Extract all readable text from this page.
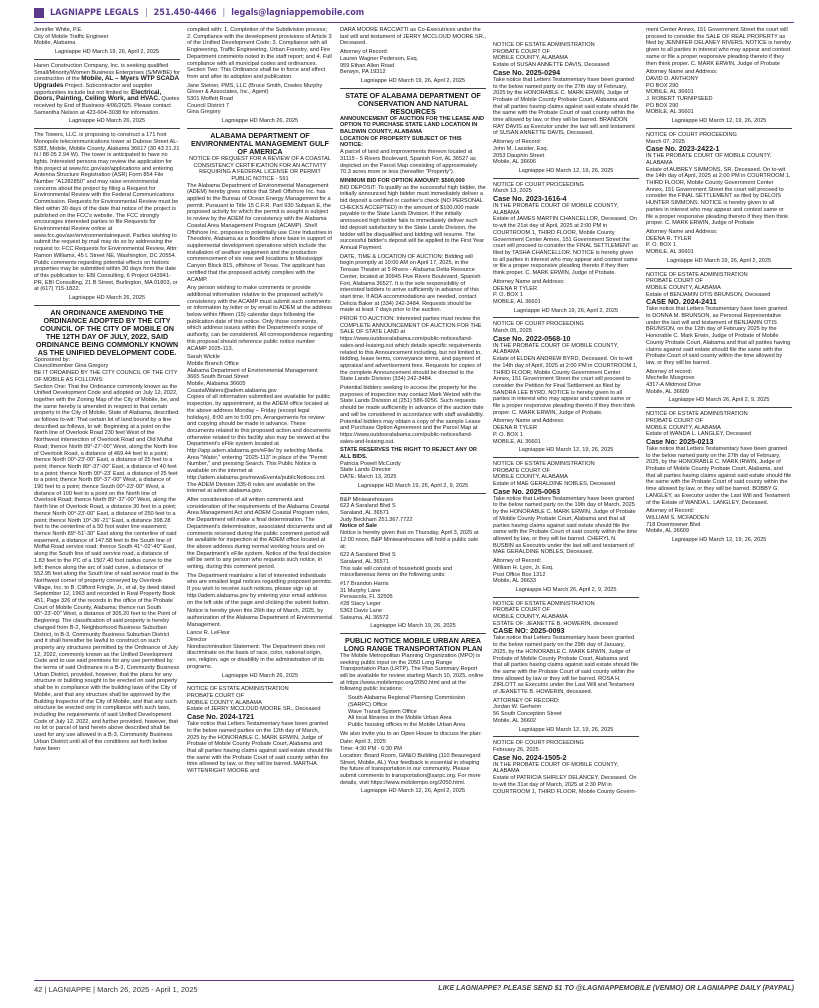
LAGNIAPPE LEGALS | 251.450-4466 | legals@lagniappemobile.com
Jennifer White, P.E.
City of Mobile Traffic Engineer
Mobile, Alabama
Lagniappe HD March 19, 26, April 2, 2025

Haren Construction Company, Inc. is seeking qualified Small/Minority/Women Business Enterprises (S/MWBE) for construction of the Mobile, AL – Myers WTP SCADA Upgrades Project. Subcontractor and supplier opportunities include but not limited to: Electrical, Doors, Painting, Ceiling Work, and HVAC. Quotes received by End of Business 4/06/2025. Please contact Samantha Nelson at 423-604-3038 for information.

Lagniappe HD March 26, 2025

The Towers, LLC. is proposing to construct a 171 foot Monopole telecommunications tower at Dubose Street AL-5383, Mobile, Mobile County, Alabama 36617 (30 43 21.21 N / 88 05 2.94 W). The tower is anticipated to have no lights. Interested persons may review the application for this project at www.fcc.gov/asr/applications and entering Antenna Structure Registration (ASR) Form 854 File Number "A1282850" and may raise environmental concerns about the project by filing a Request for Environmental Review with the Federal Communications Commission. Requests for Environmental Review must be filed within 30 days of the date that notice of the project is published on the FCC's website. The FCC strongly encourages interested parties to file Requests for Environmental Review online at www.fcc.gov/asr/environmentalrequest. Parties wishing to submit the request by mail may do so by addressing the request to: FCC Requests for Environmental Review, Attn: Ramon Williams, 45 L Street NE, Washington, DC 20554. Public comments regarding potential effects on historic properties may be submitted within 30 days from the date of this publication to: EBI Consulting, 6 Project 043941-PR, EBI Consulting, 21 B Street, Burlington, MA 01803, or at (617) 715-1822.

Lagniappe HD March 26, 2025
AN ORDINANCE AMENDING THE ORDINANCE ADOPTED BY THE CITY COUNCIL OF THE CITY OF MOBILE ON THE 12TH DAY OF JULY, 2022, SAID ORDINANCE BEING COMMONLY KNOWN AS THE UNIFIED DEVELOPMENT CODE.
Sponsored by:
Councilmember Gina Gregory
BE IT ORDAINED BY THE CITY COUNCIL OF THE CITY OF MOBILE AS FOLLOWS:

Section One: That the Ordinance commonly known as the Unified Development Code and adopted on July 12, 2022, together with the Zoning Map of the City of Mobile, be, and the same hereby is amended in respect to that certain property in the City of Mobile, State of Alabama, described as follows to-wit: That certain lot of land bound by a line described as follows, to wit: Beginning at a point on the North line of Overlook Road 230 feet West of the Northwest intersection of Overlook Road and Old Muffat Road; thence North 89°-27'-00" West, along the North line of Overlook Road, a distance of 469.44 feet to a point; thence North 00°-23'-00" East, a distance of 25 feet to a point; thence North 89°-37'-00" East, a distance of 40 feet to a point; thence North 00°-23' East, a distance of 25 feet to a point; thence North 89°-37'-00" West, a distance of 190 feet to a point; thence South 00°-23'-00" West, a distance of 100 feet to a point on the North line of Overlook Road; thence North 89°-37'-00" West, along the North line of Overlook Road, a distance 30 feet to a point; thence North 00°-23'-00" East, a distance of 250 feet to a point; thence North 10°-36'-21" East, a distance 398.28 feet to the centerline of a 50 foot water line easement; thence North 89°-51'-30" East along the centerline of said easement, a distance of 147.58 feet to the South line of Moffat Road service road; thence South 41°-02'-40" East, along the South line of said service road, a distance of 1.83 feet to the PC of a 1507.40 foot radius curve to the left; thence along the arc of said curve, a distance of 552.95 feet along the South line of said service road to the Northwest corner of property conveyed by Overlook Village, Inc. to B. Clifford Fringle, Jr., et al, by deed dated September 12, 1963 and recorded in Real Property Book 451, Page 326 of the records in the office of the Probate Court of Mobile County, Alabama; thence run South 00°-23'-00" West, a distance of 305.20 feet to the Point of Beginning. The classification of said property is hereby changed from B-2, Neighborhood Business Suburban District, to B-3, Community Business Suburban District and it shall hereafter be lawful to construct on such property any structures permitted by the Ordinance of July 12, 2022, commonly known as the Unified Development Code and to use said premises for any use permitted by the terms of said Ordinance in a B-3, Community Business Urban District, provided, however, that the plans for any structure or building sought to be erected on said property shall be in compliance with the building laws of the City of Mobile, and that any structure shall be approved by the Building Inspector of the City of Mobile, and that any such structure be erected only in compliance with such laws, including the requirements of said Unified Development Code of July 12, 2022, and further provided, however, that no lot or parcel of land herein above described shall be used for any use allowed in a B-3, Community Business Urban District until all of the conditions set forth below have been

complied with: 1. Completion of the Subdivision process; 2. Compliance with the development provisions of Article 3 of the Unified Development Code; 3. Compliance with all Engineering, Traffic Engineering, Urban Forestry, and Fire Department comments noted in the staff report; and 4. Full compliance with all municipal codes and ordinances. Section Two: This Ordinance shall be in force and effect from and after its adoption and publication.

Jane Steiner, PMS, LLC (Bruce Smith, Cowles Murphy Glover & Associates, Inc., Agent)
5301 Moffett Road
Council District 7
Gina Gregory
Lagniappe HD March 26, 2025
ALABAMA DEPARTMENT OF ENVIRONMENTAL MANAGEMENT GULF OF AMERICA
NOTICE OF REQUEST FOR A REVIEW OF A COASTAL CONSISTENCY CERTIFICATION FOR AN ACTIVITY REQUIRING A FEDERAL LICENSE OR PERMIT
PUBLIC NOTICE - 591

The Alabama Department of Environmental Management (ADEM) hereby gives notice that Shell Offshore Inc. has applied to the Bureau of Ocean Energy Management for a permit. Pursuant to Title 15 C.F.R. Part 930 Subpart E, the proposed activity for which the permit is sought is subject to review by the ADEM for consistency with the Alabama Coastal Area Management Program (ACAMP). Shell Offshore Inc. proposes to potentially use Core Industries in Theodore, Alabama as a floodline shore base in support of supplemental development operations which include the installation of seafloor equipment and the production commencement of six new well locations in Mississippi Canyon Block 815, offshore of Texas. The applicant has certified that the proposed activity complies with the ACAMP.

Any person wishing to make comments or provide additional information relative to the proposed activity's consistency with the ACAMP must submit such comments or information by letter or by email to ADEM at the address below within fifteen (15) calendar days following the publication date of this notice. Only those comments, which address issues within the Department's scope of authority, can be considered. All correspondence regarding this proposal should reference public notice number ACAMP 2025-113.

Sarah Wickle
Mobile Branch Office
Alabama Department of Environmental Management
3665 South Broad Street
Mobile, Alabama 36605
CoastalWaters@adem.alabama.gov

Copies of all information submitted are available for public inspection, by appointment, at the ADEM office located at the above address Monday – Friday (except legal holidays), 8:00 am to 5:00 pm. Arrangements for review and copying should be made in advance. These documents related to this proposed action and documents otherwise related to this facility also may be viewed at the Department's eFile system located at http://app.adem.alabama.gov/eFile/ by selecting Media Area "Water," entering "2025-113" in place of the "Permit Number," and pressing Search. This Public Notice is available on the internet at http://adem.alabama.gov/newsEvents/publicNotices.cnt. The ADEM Division 335-8 rules are available on the internet at adem.alabama.gov.

After consideration of all written comments and consideration of the requirements of the Alabama Coastal Area Management Act and ADEM Coastal Program rules, the Department will make a final determination. The Department's determination, associated documents and all comments received during the public comment period will be available for inspection at the ADEM office located at the above address during normal working hours and on the Department's eFile system. Notice of the final decision will be sent to any person who requests such notice, in writing, during this comment period.

The Department maintains a list of interested individuals who are emailed legal notices regarding proposed permits. If you wish to receive such notices, please sign up at http://adem.alabama.gov by entering your email address on the left side of the page and clicking the submit button.

Notice is hereby given this 26th day of March, 2025, by authorization of the Alabama Department of Environmental Management.

Lance R. LeFleur
Director

Nondiscrimination Statement: The Department does not discriminate on the basis of race, color, national origin, sex, religion, age or disability in the administration of its programs.

Lagniappe HD March 26, 2025
NOTICE OF ESTATE ADMINISTRATION
PROBATE COURT OF
MOBILE COUNTY, ALABAMA
Estate of JERRY MCCLOUD MOORE SR., Deceased
Case No. 2024-1721

Take notice that Letters Testamentary have been granted to the below named parties on the 12th day of March, 2025 by the HONORABLE C. MARK ERWIN, Judge of Probate of Mobile County Probate Court, Alabama and that all parties having claims against said estate should file the same with the Probate Court of said county within the time allowed by law, or they will be barred. MARTHA WITTENRIGHT MOORE and

DARA MOORE RACCIATTI as Co-Executrices under the last will and testament of JERRY MCCLOUD MOORE SR., Deceased.

Attorney of Record:
Lauren Wagner Pederson, Esq.
959 Ethan Allen Road
Berwyn, PA 19312
Lagniappe HD March 19, 26, April 2, 2025
STATE OF ALABAMA DEPARTMENT OF CONSERVATION AND NATURAL RESOURCES
ANNOUNCEMENT OF AUCTION FOR THE LEASE AND OPTION TO PURCHASE STATE LAND LOCATION IN BALDWIN COUNTY, ALABAMA
LOCATION OF PROPERTY SUBJECT OF THIS NOTICE:

A parcel of land and improvements thereon located at 31115 - 5 Rivers Boulevard, Spanish Fort, AL 36527 as depicted on the Parcel Map consisting of approximately 70.3 acres more or less (hereafter "Property").

MINIMUM BID FOR OPTION AMOUNT: $500,000

BID DEPOSIT: To qualify as the successful high bidder, the initially announced high bidder must immediately deliver a bid deposit a certified or cashier's check (NO PERSONAL CHECKS ACCEPTED) in the amount of $100,000 made payable to the State Lands Division. If the initially announced high bidder fails to immediately deliver such bid deposit satisfactory to the State Lands Division, the bidder will be disqualified and bidding will resume. The successful bidder's deposit will be applied to the First Year Annual Payment.

DATE, TIME & LOCATION OF AUCTION: Bidding will begin promptly at 10:00 AM on April 17, 2025, in the Tensaw Theater at 5 Rivers - Alabama Delta Resource Center, located at 30945 Five Rivers Boulevard, Spanish Fort, Alabama 36527. It is the sole responsibility of interested bidders to arrive sufficiently in advance of this start time. If ADA accommodations are needed, contact Delicia Baker at (334) 242-3484. Requests should be made at least 7 days prior to the auction.

PRIOR TO AUCTION: Interested parties must review the COMPLETE ANNOUNCEMENT OF AUCTION FOR THE SALE OF STATE LAND at https://www.outdooralabama.com/public-notices/land-sales-and-leasing.out which details specific requirements related to this Announcement including, but not limited to, bidding, lease terms, conveyance terms, and payment of appraisal and advertisement fees. Requests for copies of the complete Announcement should be directed to the State Lands Division (334) 242-3484.

Potential bidders seeking to access the property for the purposes of inspection may contact Mark Wetzel with the State Lands Division at (251) 586-9256. Such requests should be made sufficiently in advance of the auction date and will be considered in accordance with staff availability. Potential bidders may obtain a copy of the sample Lease and Purchase Option Agreement and the Parcel Map at https://www.outdooralabama.com/public-notices/land-sales-and-leasing.out.

STATE RESERVES THE RIGHT TO REJECT ANY OR ALL BIDS.
Patricia Powell McCurdy
State Lands Director
DATE: March 13, 2025
Lagniappe HD March 19, 26, April 2, 9, 2025
B&P Miniwarehouses
622 A Saraland Blvd S
Saraland, AL 36571
Judy Beckham 251.367.7722
Notice of Sale

Notice is hereby given that on Thursday, April 3, 2025 at 12:00 noon, B&P Miniwarehouses will hold a public sale at:

622 A Saraland Blvd S
Saraland, AL 36571

This sale will consist of household goods and miscellaneous items on the following units:

#17 Brandon Harris
31 Murphy Lane
Pensacola, FL 32505
#28 Stacy Leger
5363 Davis Lane
Satsuma, AL 36572
Lagniappe HD March 19, 26, 2025
PUBLIC NOTICE MOBILE URBAN AREA LONG RANGE TRANSPORTATION PLAN

The Mobile Metropolitan Planning Organization (MPO) is seeking public input on the 2050 Long Range Transportation Plan (LRTP). The Plan Summary Report will be available for review starting March 10, 2025, online at https://www.mobilempo.org/2050.html and at the following public locations:

• South Alabama Regional Planning Commission (SARPC) Office
• Wave Transit System Office
• All local libraries in the Mobile Urban Area
• Public housing offices in the Mobile Urban Area

We also invite you to an Open House to discuss the plan:

Date: April 3, 2025
Time: 4:30 PM - 6:30 PM

Location: Board Room, GM&O Building (110 Beauregard Street, Mobile, AL) Your feedback is essential in shaping the future of transportation in our community. Please submit comments to transportation@sarpc.org. For more details, visit https://www.mobilempo.org/2050.html.

Lagniappe HD March 12, 26, April 2, 2025
NOTICE OF ESTATE ADMINISTRATION
PROBATE COURT OF
MOBILE COUNTY, ALABAMA
Estate of SUSAN ANNETTE DAVIS, Deceased
Case No. 2025-0294

Take notice that Letters Testamentary have been granted to the below named party on the 27th day of February, 2025 by the HONORABLE C. MARK ERWIN, Judge of Probate of Mobile County Probate Court, Alabama and that all parties having claims against said estate should file the same with the Probate Court of said county within the time allowed by law, or they will be barred. BRANDON RAY DAVIS as Executor under the last will and testament of SUSAN ANNETTE DAVIS, Deceased.

Attorney of Record:
John M. Lassiter, Esq.
2053 Dauphin Street
Mobile, AL 36606
Lagniappe HD March 12, 19, 26, 2025
NOTICE OF COURT PROCEEDING
March 13, 2025
Case No. 2023-1616-4
IN THE PROBATE COURT OF MOBILE COUNTY, ALABAMA

Estate of JAMES MARTIN CHANCELLOR, Deceased. On to-wit the 21st day of April, 2025 at 2:00 PM in COURTROOM 1, THIRD FLOOR, Mobile County Government Center Annex, 151 Government Street the court will proceed to consider the FINAL SETTLEMENT as filed by TASHA CHANCELLOR. NOTICE is hereby given to all parties in interest who may appear and contest same or file a proper responsive pleading thereto if they then think proper. C. MARK ERWIN, Judge of Probate.

Attorney Name and Address:
DEENA R TYLER
P. O. BOX 1
MOBILE, AL 36601
Lagniappe HD March 19, 26, April 2, 2025
NOTICE OF COURT PROCEEDING
March 05, 2025
Case No. 2022-0568-10
IN THE PROBATE COURT OF MOBILE COUNTY, ALABAMA

Estate of ELDEN ANDREW BYRD, Deceased. On to-wit the 14th day of April, 2025 at 2:00 PM in COURTROOM 1, THIRD FLOOR, Mobile County Government Center Annex, 151 Government Street the court will proceed to consider the Petition for Final Settlement as filed by SANDRA LEE BYRD. NOTICE is hereby given to all parties in interest who may appear and contest same or file a proper responsive pleading thereto if they then think proper. C. MARK ERWIN, Judge of Probate.

Attorney Name and Address:
DEENA R TYLER
P. O. BOX 1
MOBILE, AL 36601
Lagniappe HD March 12, 19, 26, 2025
NOTICE OF ESTATE ADMINISTRATION
PROBATE COURT OF
MOBILE COUNTY, ALABAMA
Estate of MAE GERALDINE NOBLES, Deceased
Case No. 2025-0063

Take notice that Letters Testamentary have been granted to the below named party on the 19th day of March, 2025 by the HONORABLE C. MARK ERWIN, Judge of Probate of Mobile County Probate Court, Alabama and that all parties having claims against said estate should file the same with the Probate Court of said county within the time allowed by law, or they will be barred. CHERYL N. BUSBIN as Executrix under the last will and testament of MAE GERALDINE NOBLES, Deceased.

Attorney of Record:
William H. Lyon, Jr. Esq.
Post Office Box 1312
Mobile, AL 36633
Lagniappe HD March 26, April 2, 9, 2025
NOTICE OF ESTATE ADMINISTRATION
PROBATE COURT OF
MOBILE COUNTY, ALABAMA
ESTATE OF: JEANETTE B. HOWERIN, deceased
CASE NO: 2025-0093

Take notice that Letters Testamentary have been granted to the below named party on the 29th day of January, 2025, by the HONORABLE C. MARK ERWIN, Judge of Probate of Mobile County Probate Court, Alabama and that all parties having claims against said estate should file the same with the Probate Court of said county within the time allowed by law or they will be barred. ROSA H. ZIRLOTT as Executrix under the Last Will and Testament of JEANETTE B. HOWERIN, deceased.

ATTORNEY OF RECORD:
Jordan W. Gerheim
56 South Conception Street
Mobile, AL 36602
Lagniappe HD March 12, 19, 26, 2025
NOTICE OF COURT PROCEEDING
February 26, 2025
Case No. 2024-1505-2
IN THE PROBATE COURT OF MOBILE COUNTY, ALABAMA

Estate of PATRICIA SHIRLEY DELANCEY, Deceased. On to-wit the 31st day of March, 2025 at 2:30 PM in COURTROOM 1, THIRD FLOOR, Mobile County Govern-

ment Center Annex, 151 Government Street the court will proceed to consider the SALE OF REAL PROPERTY as filed by JENNIFER DELANEY RIVERS. NOTICE is hereby given to all parties in interest who may appear and contest same or file a proper responsive pleading thereto if they then think proper. C. MARK ERWIN, Judge of Probate

Attorney Name and Address:
DAVID D. ANTHONY
PO BOX 290
MOBILE, AL 36601
J. ROBERT TURNIPSEED
PO BOX 290
MOBILE, AL 36601
Lagniappe HD March 12, 19, 26, 2025
NOTICE OF COURT PROCEEDING
March 07, 2025
Case No. 2023-2422-1
IN THE PROBATE COURT OF MOBILE COUNTY, ALABAMA

Estate of AUBREY SIMMONS, SR, Deceased. On to-wit the 14th day of April, 2025 at 2:00 PM in COURTROOM 1, THIRD FLOOR, Mobile County Government Center Annex, 151 Government Street the court will proceed to consider the FINAL SETTLEMENT as filed by DELOIS HUNTER SIMMONS. NOTICE is hereby given to all parties in interest who may appear and contest same or file a proper responsive pleading thereto if they then think proper. C. MARK ERWIN, Judge of Probate

Attorney Name and Address:
DEENA R. TYLER
P. O. BOX 1
MOBILE, AL 36601
Lagniappe HD March 19, 26, April 2, 2025
NOTICE OF ESTATE ADMINISTRATION
PROBATE COURT OF
MOBILE COUNTY, ALABAMA
Estate of BENJAMIN OTIS BRUNSON, Deceased
CASE NO. 2024-2411

Take notice that Letters Testamentary have been granted to DONNA M. BRUNSON, as Personal Representative under the last will and testament of BENJAMIN OTIS BRUNSON, on the 12th day of February 2025 by the Honorable C. Mark Erwin, Judge of Probate of Mobile County Probate Court, Alabama and that all parties having claims against said estate should file the same with the Probate Court of said county within the time allowed by law, or they will be barred.

Attorney of record:
Mechelle Musgrove
4317-A Midmost Drive
Mobile, AL 36609
Lagniappe HD March 26, April 2, 9, 2025
NOTICE OF ESTATE ADMINISTRATION
PROBATE COURT OF
MOBILE COUNTY, ALABAMA
Estate of WANDA L. LANGLEY, Deceased
Case No: 2025-0213

Take notice that Letters Testamentary have been granted to the below named party on the 27th day of February, 2025, by the HONORABLE C. MARK IRWIN, Judge of Probate of Mobile County Probate Court, Alabama, and that all parties having claims against said estate should file the same with the Probate Court of said county within the time allowed by law, or they will be barred. BOBBY G. LANGLEY, as Executor under the Last Will and Testament of the Estate of WANDA L. LANGLEY, Deceased.

Attorney of Record:
WILLIAM S. MCFADDEN
718 Downtowner Blvd
Mobile, AL 36609
Lagniappe HD March 12, 19, 26, 2025
42 | LAGNIAPPE | March 26, 2025 - April 1, 2025	LIKE LAGNIAPPE? PLEASE SEND $1 TO @LAGNIAPPEMOBILE (VENMO) OR LAGNIAPPE DAILY (PAYPAL)
